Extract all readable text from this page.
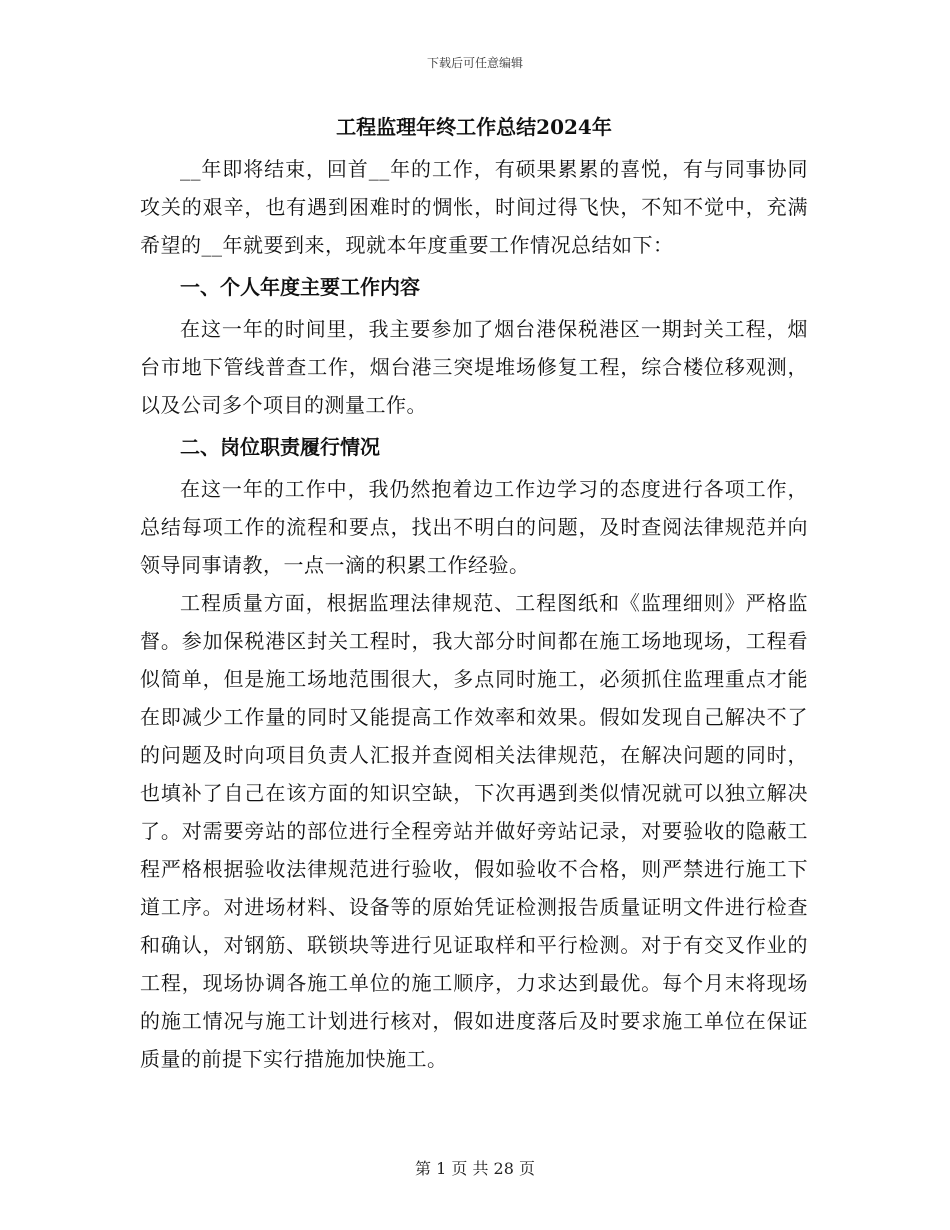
下载后可任意编辑
工程监理年终工作总结2024年

__年即将结束，回首__年的工作，有硕果累累的喜悦，有与同事协同攻关的艰辛，也有遇到困难时的惆怅，时间过得飞快，不知不觉中，充满希望的__年就要到来，现就本年度重要工作情况总结如下：

一、个人年度主要工作内容

在这一年的时间里，我主要参加了烟台港保税港区一期封关工程，烟台市地下管线普查工作，烟台港三突堤堆场修复工程，综合楼位移观测，以及公司多个项目的测量工作。

二、岗位职责履行情况

在这一年的工作中，我仍然抱着边工作边学习的态度进行各项工作，总结每项工作的流程和要点，找出不明白的问题，及时查阅法律规范并向领导同事请教，一点一滴的积累工作经验。

工程质量方面，根据监理法律规范、工程图纸和《监理细则》严格监督。参加保税港区封关工程时，我大部分时间都在施工场地现场，工程看似简单，但是施工场地范围很大，多点同时施工，必须抓住监理重点才能在即减少工作量的同时又能提高工作效率和效果。假如发现自己解决不了的问题及时向项目负责人汇报并查阅相关法律规范，在解决问题的同时，也填补了自己在该方面的知识空缺，下次再遇到类似情况就可以独立解决了。对需要旁站的部位进行全程旁站并做好旁站记录，对要验收的隐蔽工程严格根据验收法律规范进行验收，假如验收不合格，则严禁进行施工下道工序。对进场材料、设备等的原始凭证检测报告质量证明文件进行检查和确认，对钢筋、联锁块等进行见证取样和平行检测。对于有交叉作业的工程，现场协调各施工单位的施工顺序，力求达到最优。每个月末将现场的施工情况与施工计划进行核对，假如进度落后及时要求施工单位在保证质量的前提下实行措施加快施工。

第 1 页 共 28 页
